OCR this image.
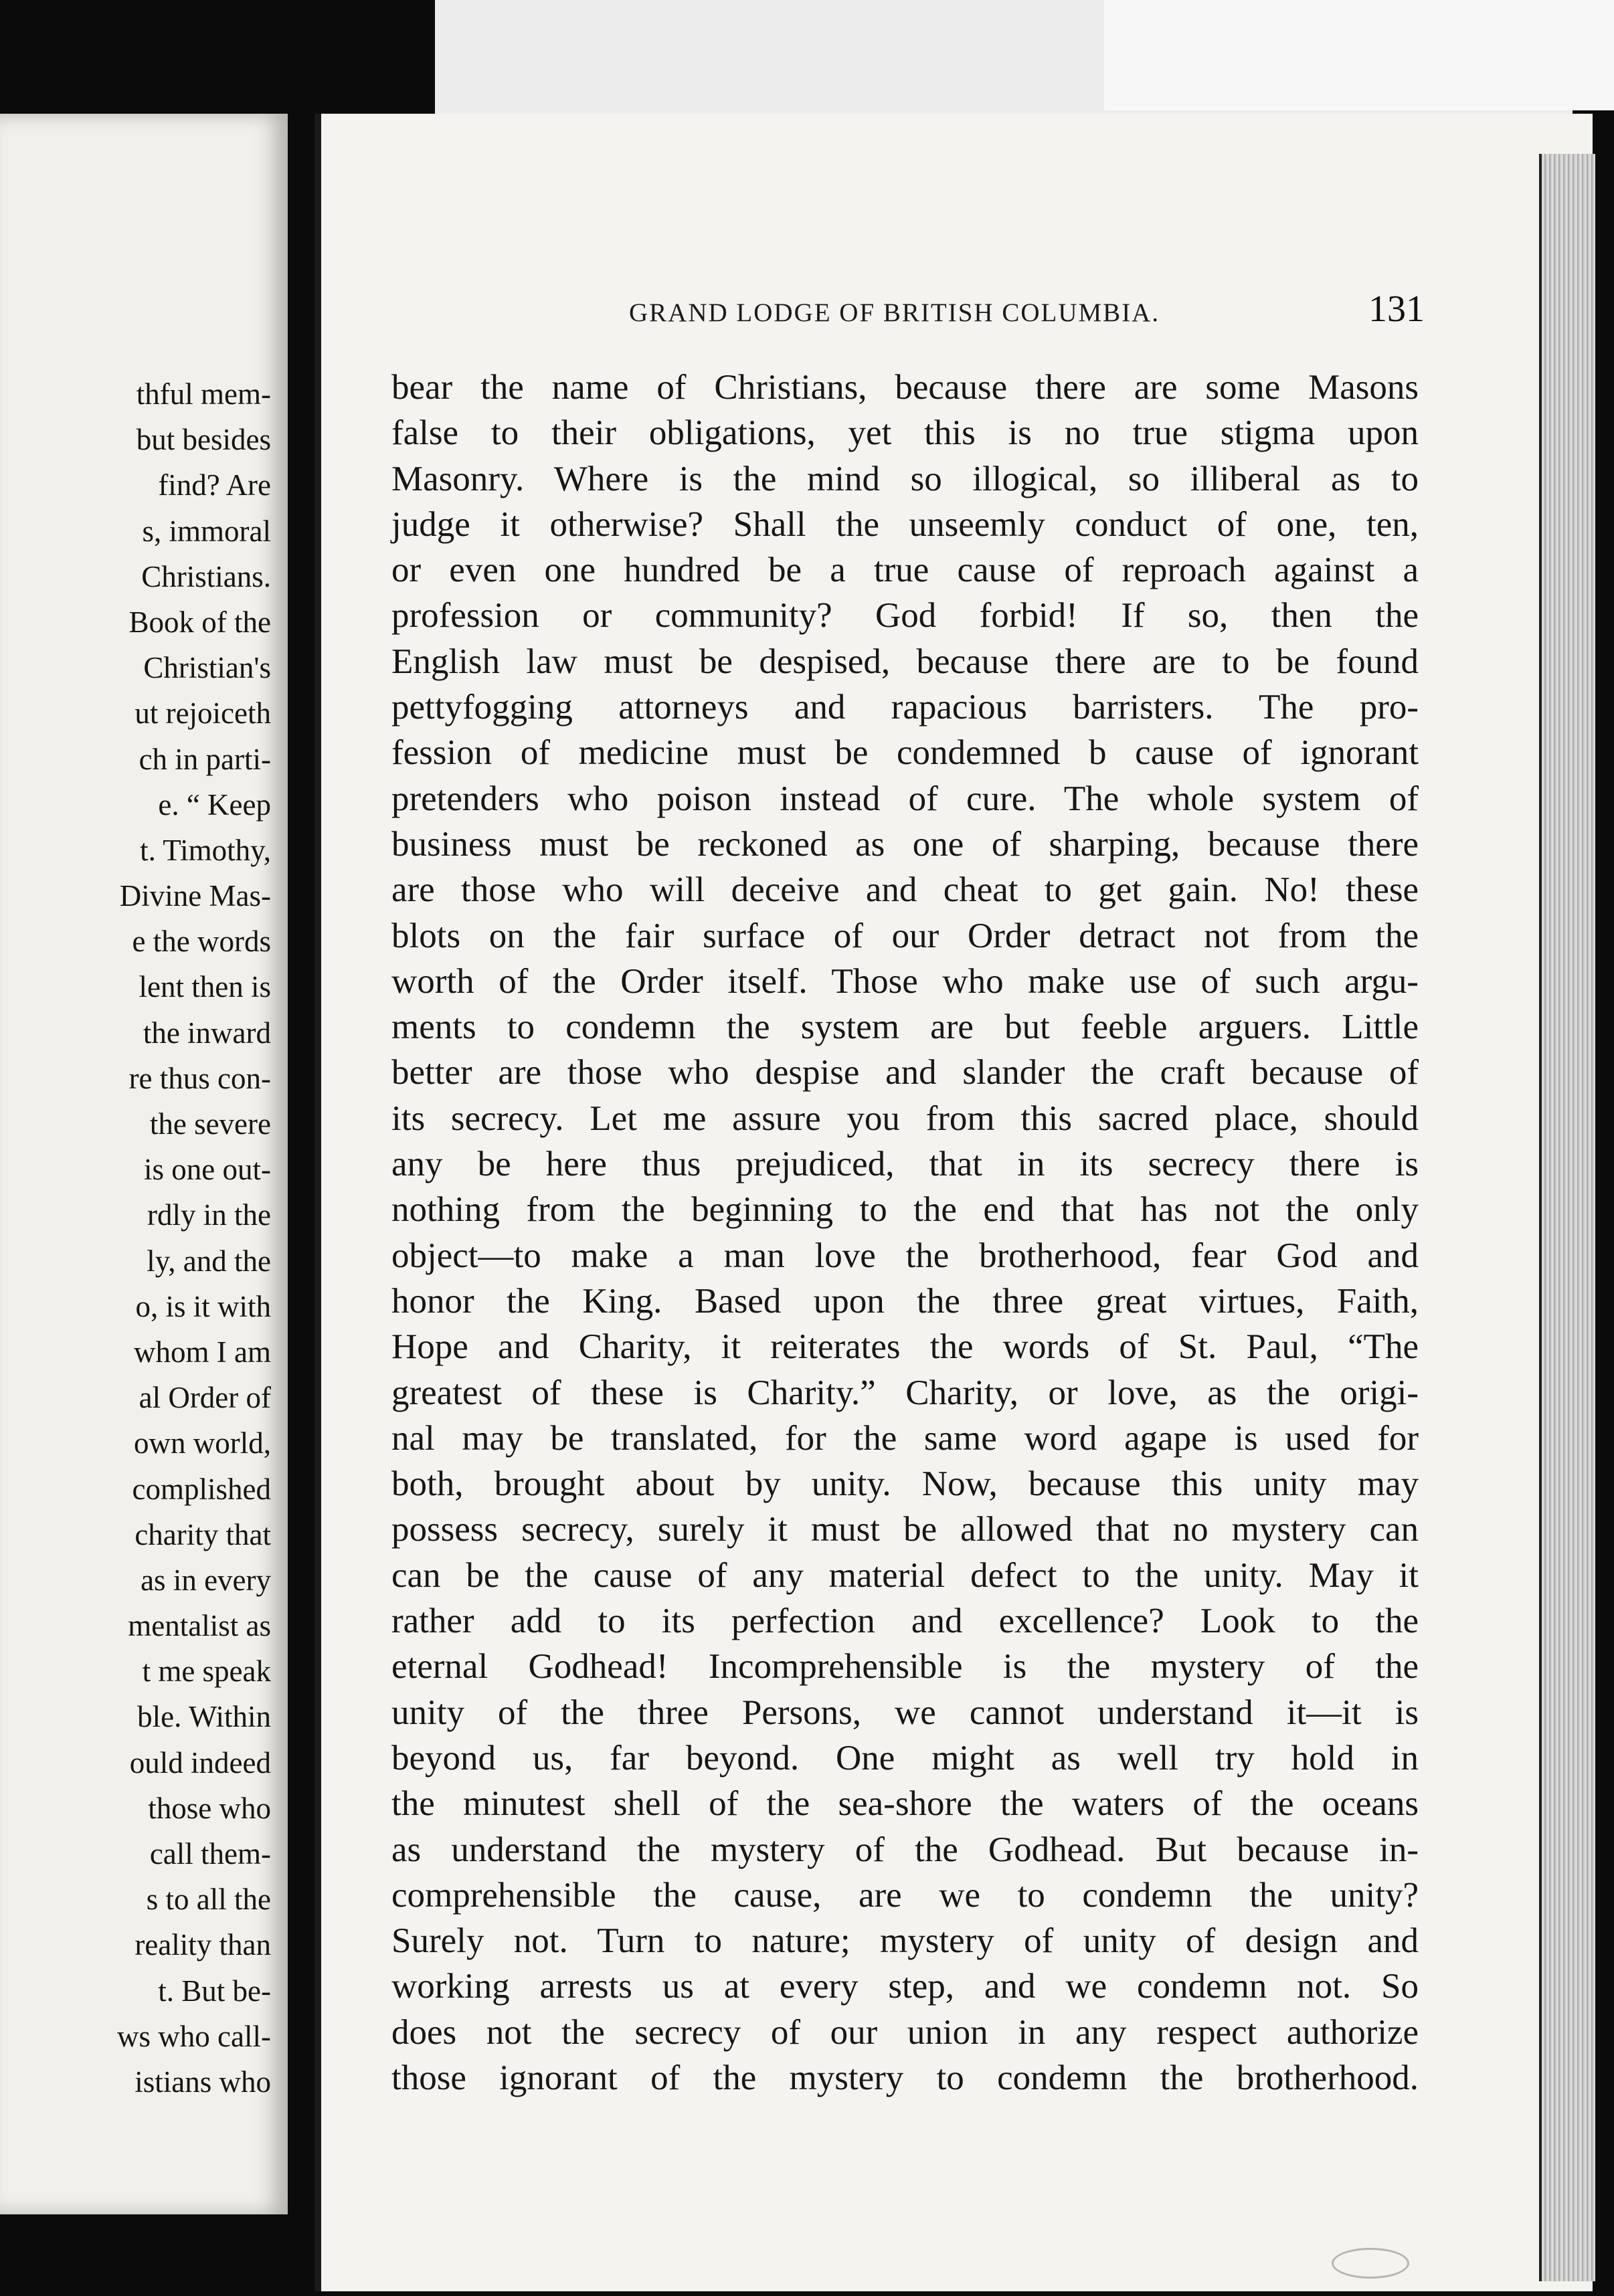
thful mem-
but besides
find? Are
s, immoral
Christians.
Book of the
Christian's
ut rejoiceth
ch in parti-
e. “ Keep
t. Timothy,
Divine Mas-
e the words
lent then is
the inward
re thus con-
the severe
is one out-
rdly in the
ly, and the
o, is it with
whom I am
al Order of
own world,
complished
charity that
as in every
mentalist as
t me speak
ble. Within
ould indeed
those who
call them-
s to all the
reality than
t. But be-
ws who call-
istians who
GRAND LODGE OF BRITISH COLUMBIA.	131
bear the name of Christians, because there are some Masons
false to their obligations, yet this is no true stigma upon
Masonry. Where is the mind so illogical, so illiberal as to
judge it otherwise? Shall the unseemly conduct of one, ten,
or even one hundred be a true cause of reproach against a
profession or community? God forbid! If so, then the
English law must be despised, because there are to be found
pettyfogging attorneys and rapacious barristers. The pro-
fession of medicine must be condemned b cause of ignorant
pretenders who poison instead of cure. The whole system of
business must be reckoned as one of sharping, because there
are those who will deceive and cheat to get gain. No! these
blots on the fair surface of our Order detract not from the
worth of the Order itself. Those who make use of such argu-
ments to condemn the system are but feeble arguers. Little
better are those who despise and slander the craft because of
its secrecy. Let me assure you from this sacred place, should
any be here thus prejudiced, that in its secrecy there is
nothing from the beginning to the end that has not the only
object—to make a man love the brotherhood, fear God and
honor the King. Based upon the three great virtues, Faith,
Hope and Charity, it reiterates the words of St. Paul, “The
greatest of these is Charity.” Charity, or love, as the origi-
nal may be translated, for the same word agape is used for
both, brought about by unity. Now, because this unity may
possess secrecy, surely it must be allowed that no mystery can
can be the cause of any material defect to the unity. May it
rather add to its perfection and excellence? Look to the
eternal Godhead! Incomprehensible is the mystery of the
unity of the three Persons, we cannot understand it—it is
beyond us, far beyond. One might as well try hold in
the minutest shell of the sea-shore the waters of the oceans
as understand the mystery of the Godhead. But because in-
comprehensible the cause, are we to condemn the unity?
Surely not. Turn to nature; mystery of unity of design and
working arrests us at every step, and we condemn not. So
does not the secrecy of our union in any respect authorize
those ignorant of the mystery to condemn the brotherhood.
